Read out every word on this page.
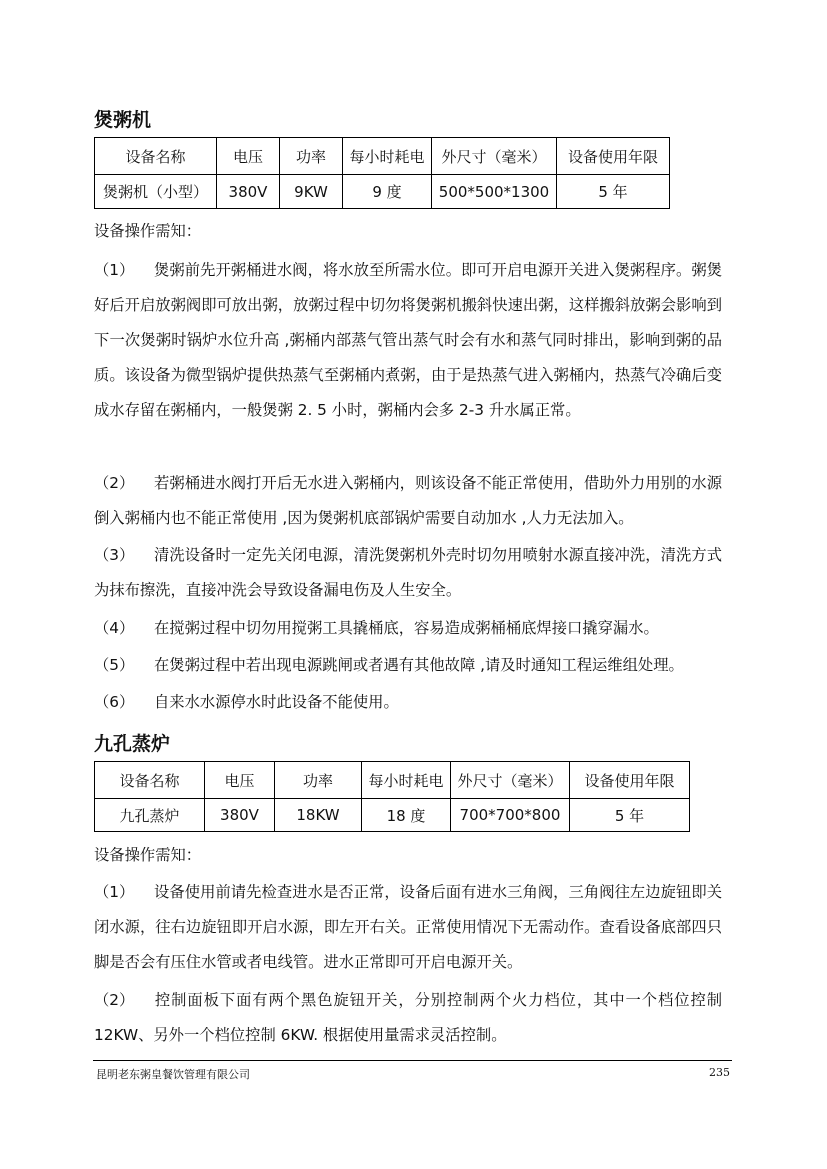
煲粥机
设备名称	电压	功率	每小时耗电	外尺寸（毫米）	设备使用年限
煲粥机（小型）	380V	9KW	9 度	500*500*1300	5 年

设备操作需知：

（1） 煲粥前先开粥桶进水阀，将水放至所需水位。即可开启电源开关进入煲粥程序。粥煲好后开启放粥阀即可放出粥，放粥过程中切勿将煲粥机搬斜快速出粥，这样搬斜放粥会影响到下一次煲粥时锅炉水位升高 ,粥桶内部蒸气管出蒸气时会有水和蒸气同时排出，影响到粥的品质。该设备为微型锅炉提供热蒸气至粥桶内煮粥，由于是热蒸气进入粥桶内，热蒸气冷确后变成水存留在粥桶内，一般煲粥 2. 5 小时，粥桶内会多 2-3 升水属正常。

（2） 若粥桶进水阀打开后无水进入粥桶内，则该设备不能正常使用，借助外力用别的水源倒入粥桶内也不能正常使用 ,因为煲粥机底部锅炉需要自动加水 ,人力无法加入。

（3） 清洗设备时一定先关闭电源，清洗煲粥机外壳时切勿用喷射水源直接冲洗，清洗方式为抹布擦洗，直接冲洗会导致设备漏电伤及人生安全。

（4） 在搅粥过程中切勿用搅粥工具撬桶底，容易造成粥桶桶底焊接口撬穿漏水。

（5） 在煲粥过程中若出现电源跳闸或者遇有其他故障 ,请及时通知工程运维组处理。

（6） 自来水水源停水时此设备不能使用。

九孔蒸炉
设备名称	电压	功率	每小时耗电	外尺寸（毫米）	设备使用年限
九孔蒸炉	380V	18KW	18 度	700*700*800	5 年

设备操作需知：

（1） 设备使用前请先检查进水是否正常，设备后面有进水三角阀，三角阀往左边旋钮即关闭水源，往右边旋钮即开启水源，即左开右关。正常使用情况下无需动作。查看设备底部四只脚是否会有压住水管或者电线管。进水正常即可开启电源开关。

（2） 控制面板下面有两个黑色旋钮开关，分别控制两个火力档位，其中一个档位控制 12KW、另外一个档位控制 6KW. 根据使用量需求灵活控制。

昆明老东粥皇餐饮管理有限公司	235
